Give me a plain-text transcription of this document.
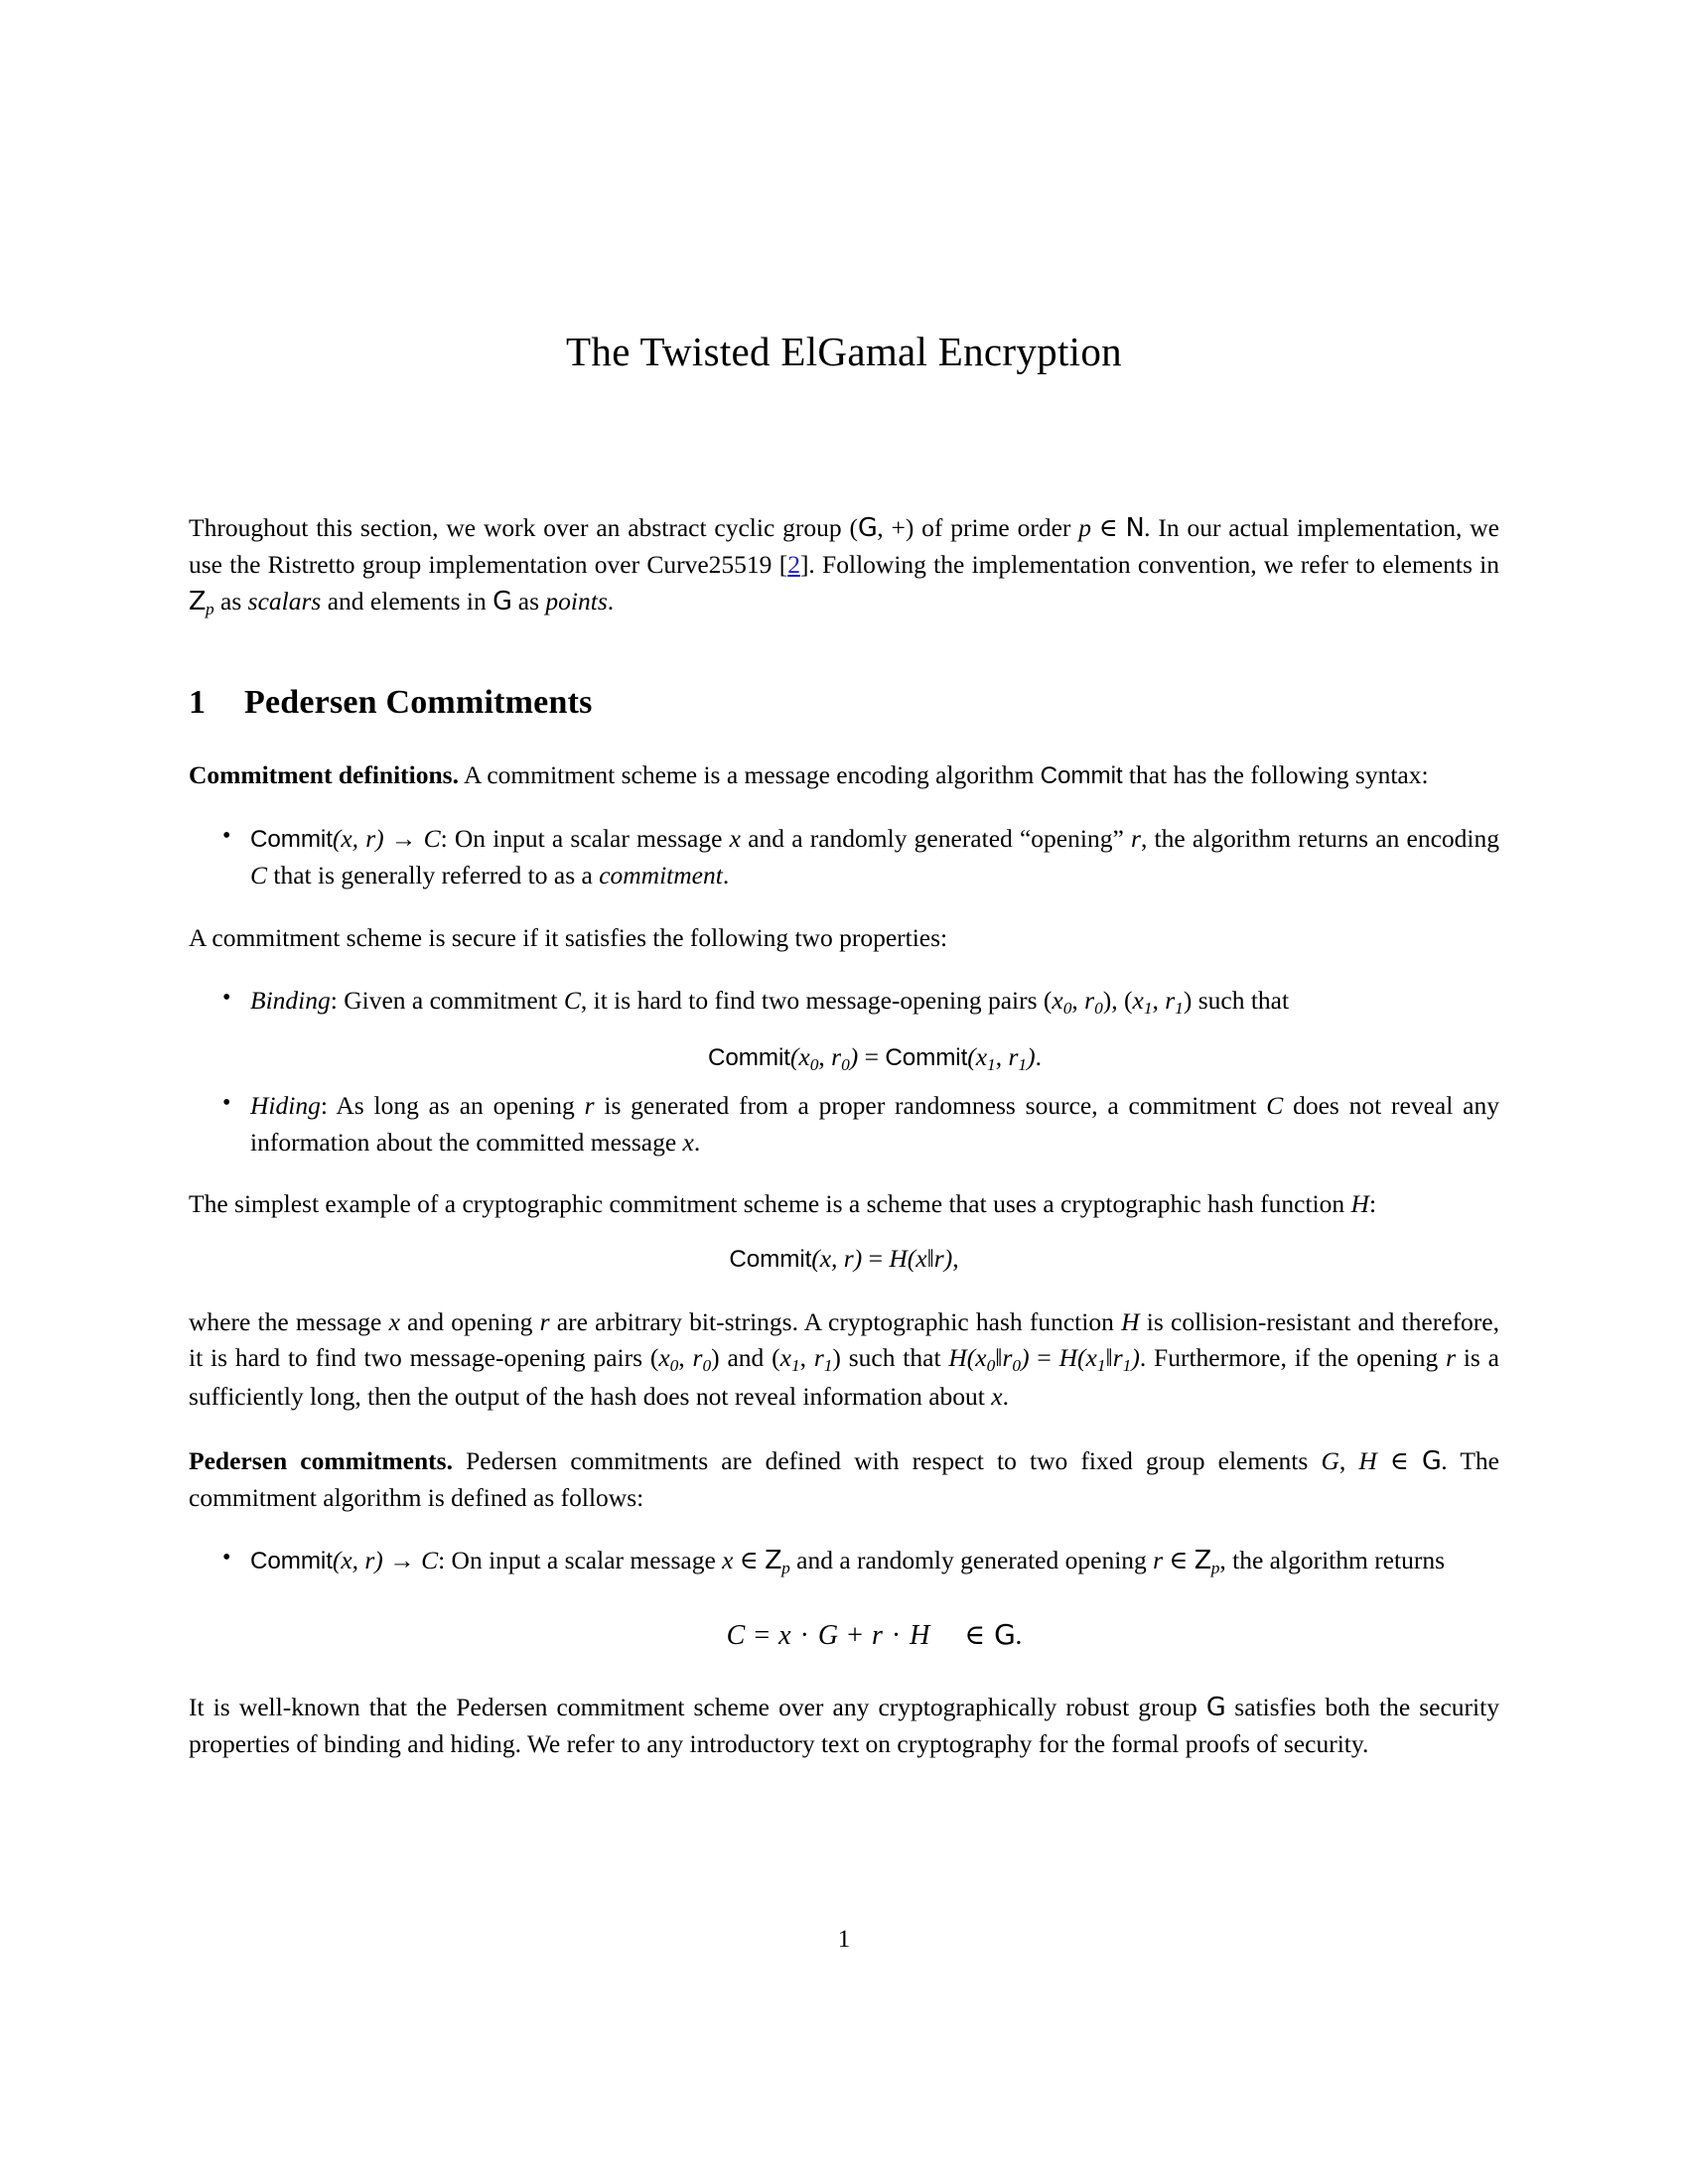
The Twisted ElGamal Encryption

Throughout this section, we work over an abstract cyclic group (G, +) of prime order p ∈ N. In our actual implementation, we use the Ristretto group implementation over Curve25519 [2]. Following the implementation convention, we refer to elements in $Z_p$ as scalars and elements in G as points.

1 Pedersen Commitments

Commitment definitions. A commitment scheme is a message encoding algorithm Commit that has the following syntax:

• Commit(x, r) → C: On input a scalar message x and a randomly generated “opening” r, the algorithm returns an encoding C that is generally referred to as a commitment.

A commitment scheme is secure if it satisfies the following two properties:

• Binding: Given a commitment C, it is hard to find two message-opening pairs ($x_0$, $r_0$), ($x_1$, $r_1$) such that
$Commit(x_0$, $r_0$) = $Commit(x_1$, $r_1$).
• Hiding: As long as an opening r is generated from a proper randomness source, a commitment C does not reveal any information about the committed message x.

The simplest example of a cryptographic commitment scheme is a scheme that uses a cryptographic hash function H:

Commit(x, r) = H(x‖r),

where the message x and opening r are arbitrary bit-strings. A cryptographic hash function H is collision-resistant and therefore, it is hard to find two message-opening pairs ($x_0$, $r_0$) and ($x_1$, $r_1$) such that $H(x_0‖r_0)$ = $H(x_1‖r_1)$. Furthermore, if the opening r is a sufficiently long, then the output of the hash does not reveal information about x.

Pedersen commitments. Pedersen commitments are defined with respect to two fixed group elements G, H ∈ G. The commitment algorithm is defined as follows:

• Commit(x, r) → C: On input a scalar message x ∈ $Z_p$ and a randomly generated opening r ∈ $Z_p$, the algorithm returns
C = x · G + r · H ∈ G.

It is well-known that the Pedersen commitment scheme over any cryptographically robust group G satisfies both the security properties of binding and hiding. We refer to any introductory text on cryptography for the formal proofs of security.

1
